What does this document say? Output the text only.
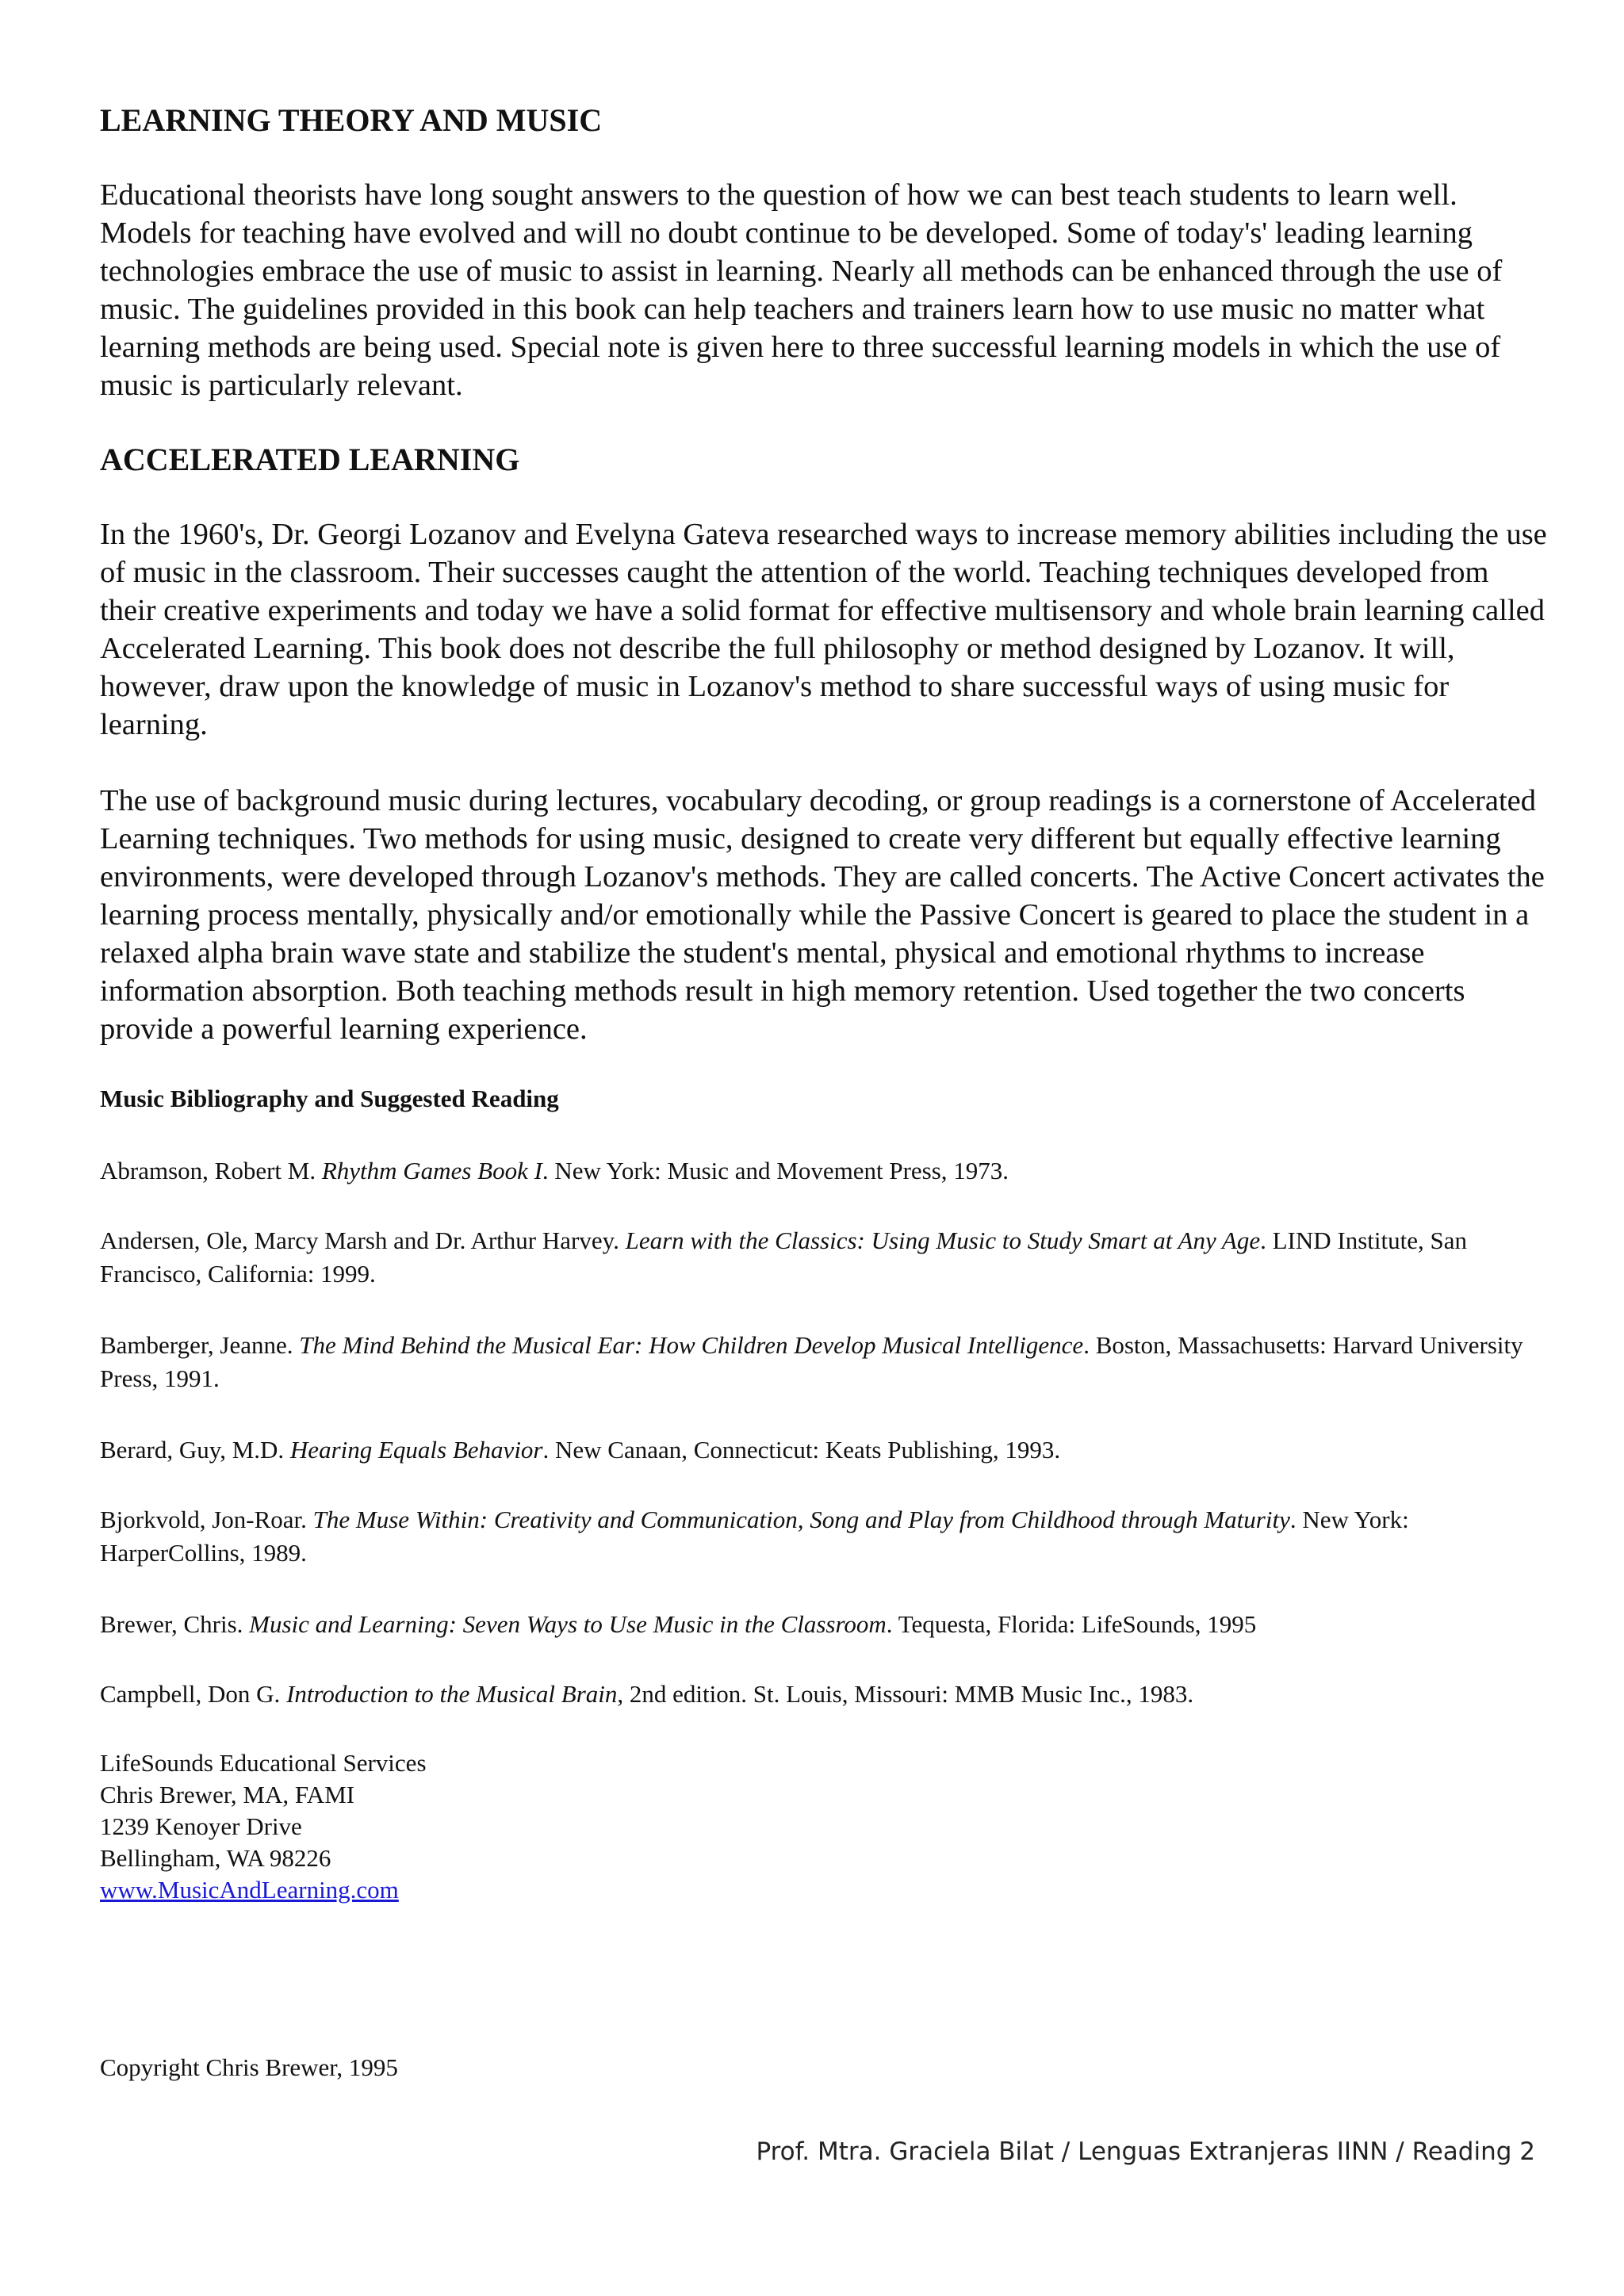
LEARNING THEORY AND MUSIC

Educational theorists have long sought answers to the question of how we can best teach students to learn well. Models for teaching have evolved and will no doubt continue to be developed. Some of today's' leading learning technologies embrace the use of music to assist in learning. Nearly all methods can be enhanced through the use of music. The guidelines provided in this book can help teachers and trainers learn how to use music no matter what learning methods are being used. Special note is given here to three successful learning models in which the use of music is particularly relevant.

ACCELERATED LEARNING

In the 1960's, Dr. Georgi Lozanov and Evelyna Gateva researched ways to increase memory abilities including the use of music in the classroom. Their successes caught the attention of the world. Teaching techniques developed from their creative experiments and today we have a solid format for effective multisensory and whole brain learning called Accelerated Learning. This book does not describe the full philosophy or method designed by Lozanov. It will, however, draw upon the knowledge of music in Lozanov's method to share successful ways of using music for learning.

The use of background music during lectures, vocabulary decoding, or group readings is a cornerstone of Accelerated Learning techniques. Two methods for using music, designed to create very different but equally effective learning environments, were developed through Lozanov's methods. They are called concerts. The Active Concert activates the learning process mentally, physically and/or emotionally while the Passive Concert is geared to place the student in a relaxed alpha brain wave state and stabilize the student's mental, physical and emotional rhythms to increase information absorption. Both teaching methods result in high memory retention. Used together the two concerts provide a powerful learning experience.

Music Bibliography and Suggested Reading

Abramson, Robert M. Rhythm Games Book I. New York: Music and Movement Press, 1973.

Andersen, Ole, Marcy Marsh and Dr. Arthur Harvey. Learn with the Classics: Using Music to Study Smart at Any Age. LIND Institute, San Francisco, California: 1999.

Bamberger, Jeanne. The Mind Behind the Musical Ear: How Children Develop Musical Intelligence. Boston, Massachusetts: Harvard University Press, 1991.

Berard, Guy, M.D. Hearing Equals Behavior. New Canaan, Connecticut: Keats Publishing, 1993.

Bjorkvold, Jon-Roar. The Muse Within: Creativity and Communication, Song and Play from Childhood through Maturity. New York: HarperCollins, 1989.

Brewer, Chris. Music and Learning: Seven Ways to Use Music in the Classroom. Tequesta, Florida: LifeSounds, 1995

Campbell, Don G. Introduction to the Musical Brain, 2nd edition. St. Louis, Missouri: MMB Music Inc., 1983.

LifeSounds Educational Services
Chris Brewer, MA, FAMI
1239 Kenoyer Drive
Bellingham, WA 98226
www.MusicAndLearning.com
Copyright Chris Brewer, 1995
Prof. Mtra. Graciela Bilat / Lenguas Extranjeras IINN / Reading 2
